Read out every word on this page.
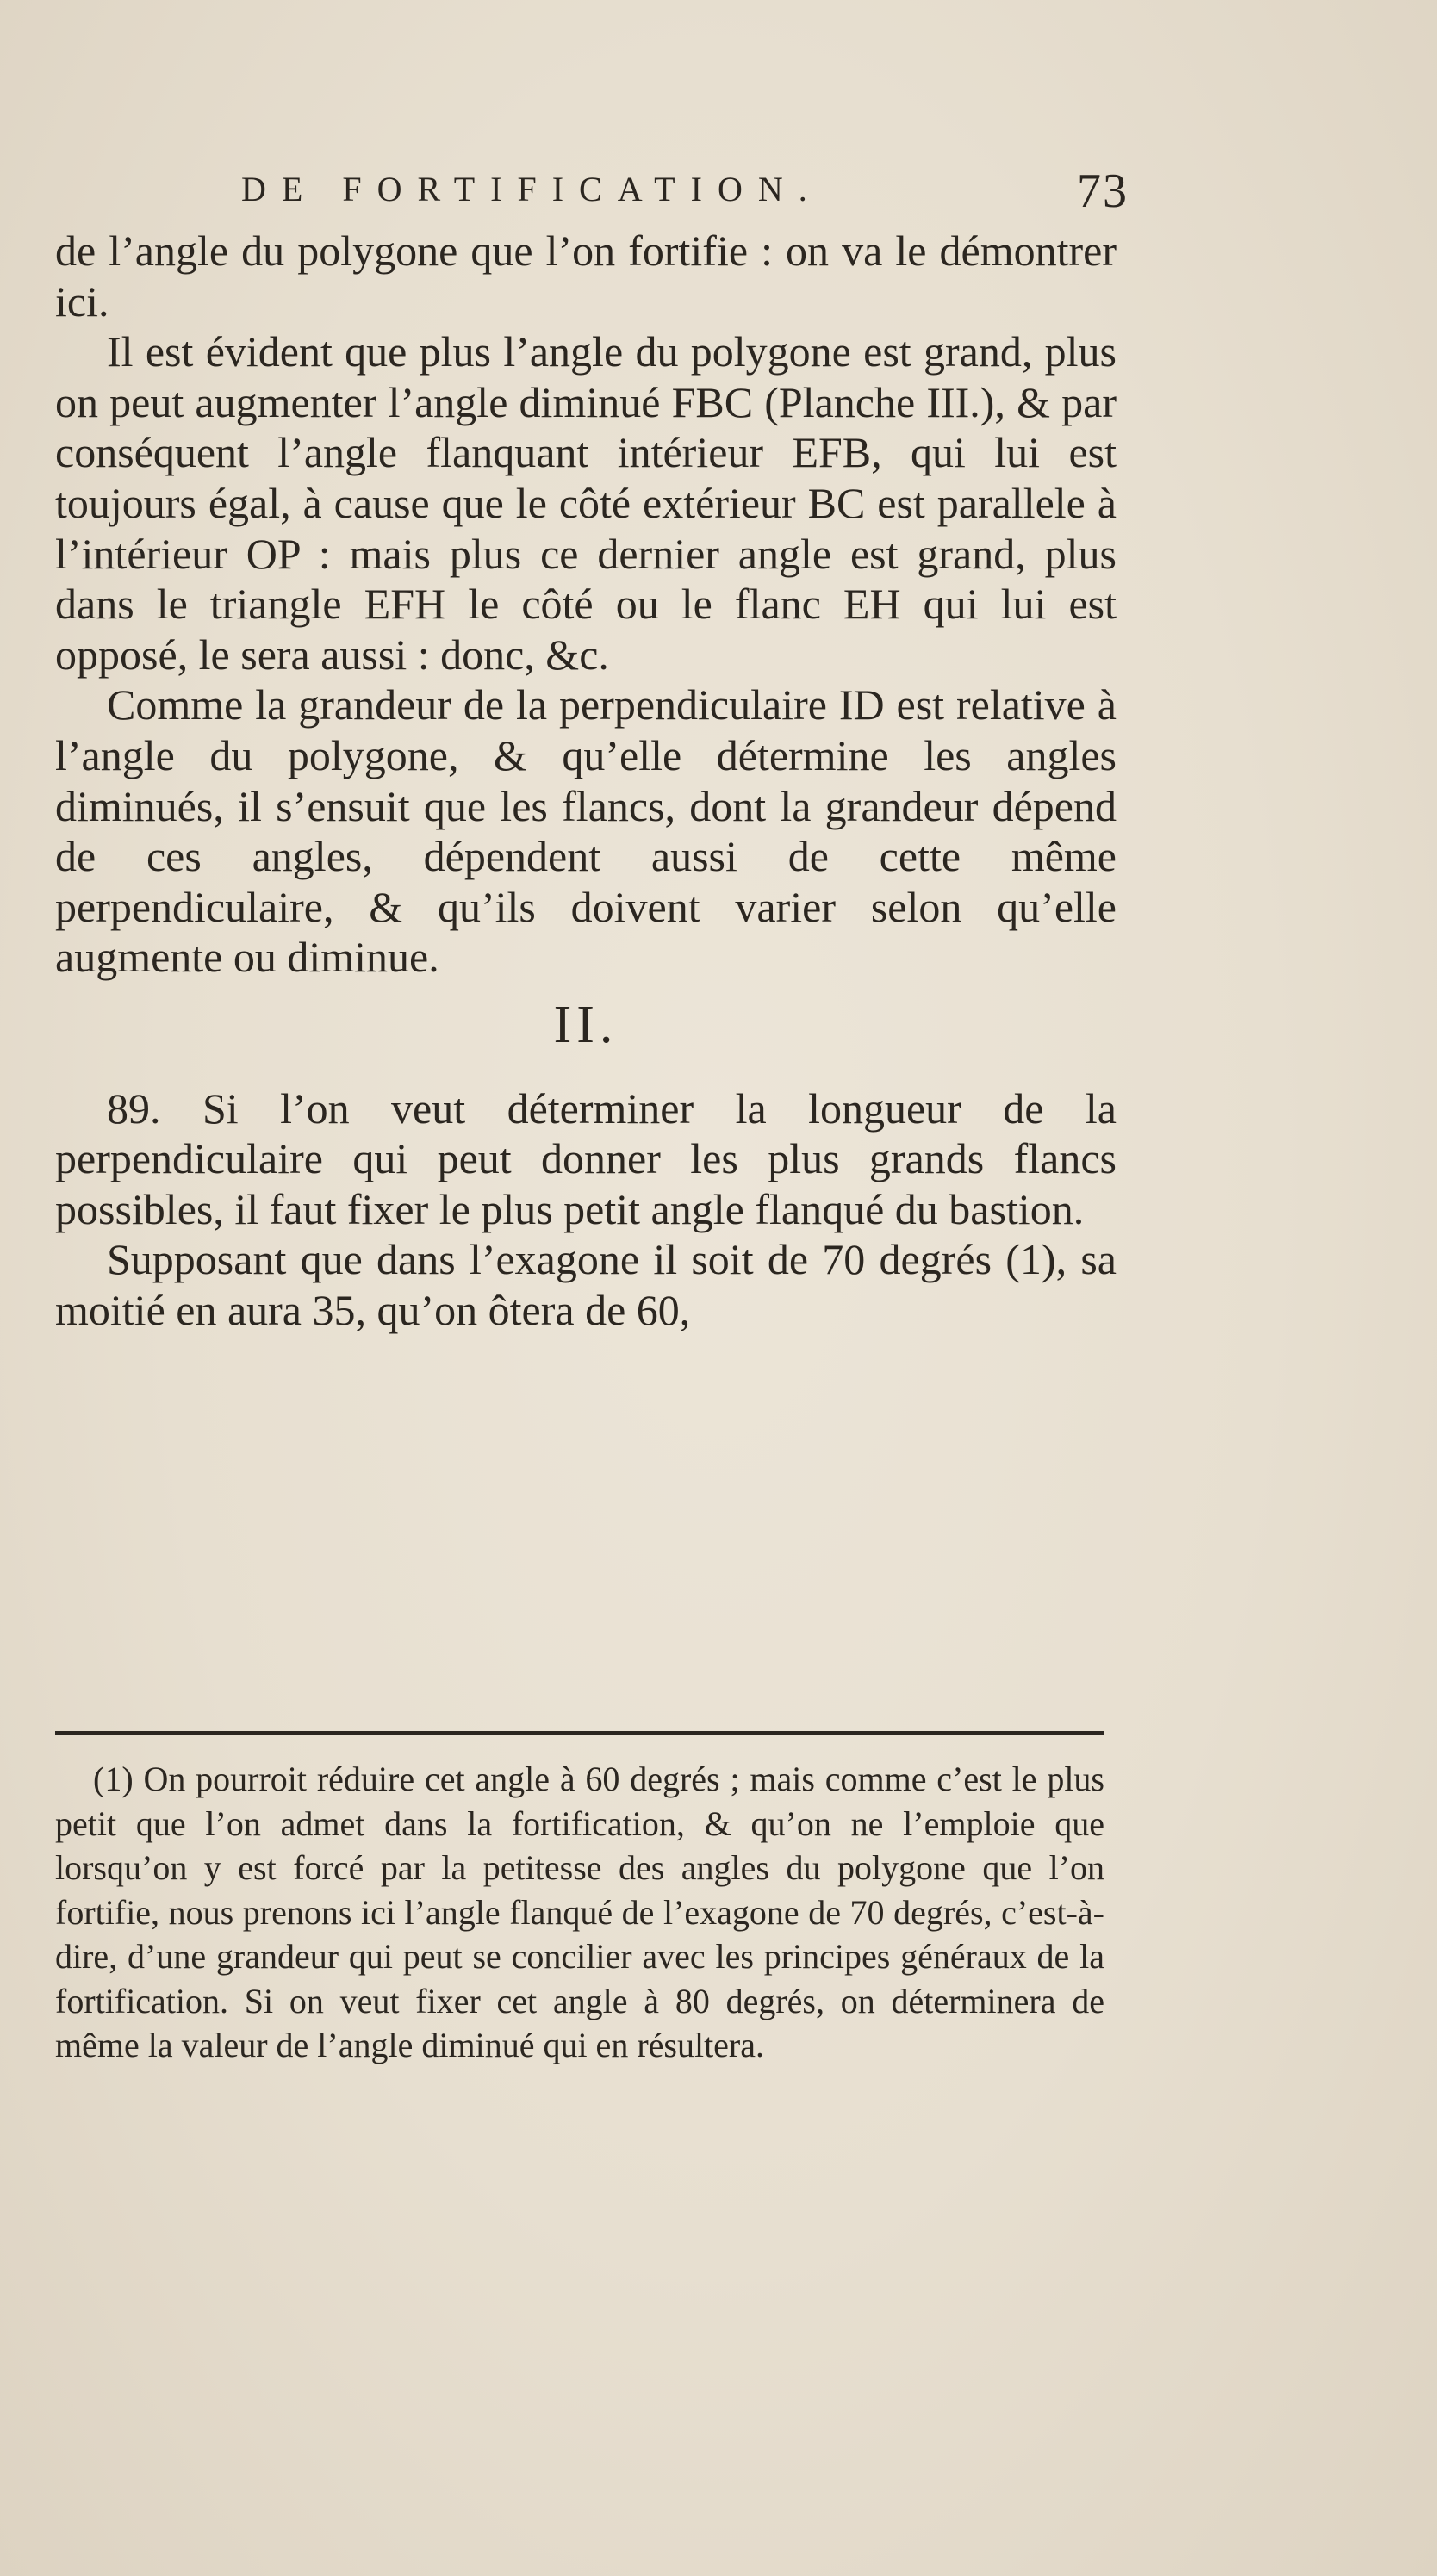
DE FORTIFICATION.	73

de l’angle du polygone que l’on fortifie : on va le démontrer ici.

Il est évident que plus l’angle du polygone est grand, plus on peut augmenter l’angle diminué FBC (Planche III.), & par conséquent l’angle flanquant intérieur EFB, qui lui est toujours égal, à cause que le côté extérieur BC est parallele à l’intérieur OP : mais plus ce dernier angle est grand, plus dans le triangle EFH le côté ou le flanc EH qui lui est opposé, le sera aussi : donc, &c.

Comme la grandeur de la perpendiculaire ID est relative à l’angle du polygone, & qu’elle détermine les angles diminués, il s’ensuit que les flancs, dont la grandeur dépend de ces angles, dépendent aussi de cette même perpendiculaire, & qu’ils doivent varier selon qu’elle augmente ou diminue.

II.

89. Si l’on veut déterminer la longueur de la perpendiculaire qui peut donner les plus grands flancs possibles, il faut fixer le plus petit angle flanqué du bastion.

Supposant que dans l’exagone il soit de 70 degrés (1), sa moitié en aura 35, qu’on ôtera de 60,

(1) On pourroit réduire cet angle à 60 degrés ; mais comme c’est le plus petit que l’on admet dans la fortification, & qu’on ne l’emploie que lorsqu’on y est forcé par la petitesse des angles du polygone que l’on fortifie, nous prenons ici l’angle flanqué de l’exagone de 70 degrés, c’est-à-dire, d’une grandeur qui peut se concilier avec les principes généraux de la fortification. Si on veut fixer cet angle à 80 degrés, on déterminera de même la valeur de l’angle diminué qui en résultera.
